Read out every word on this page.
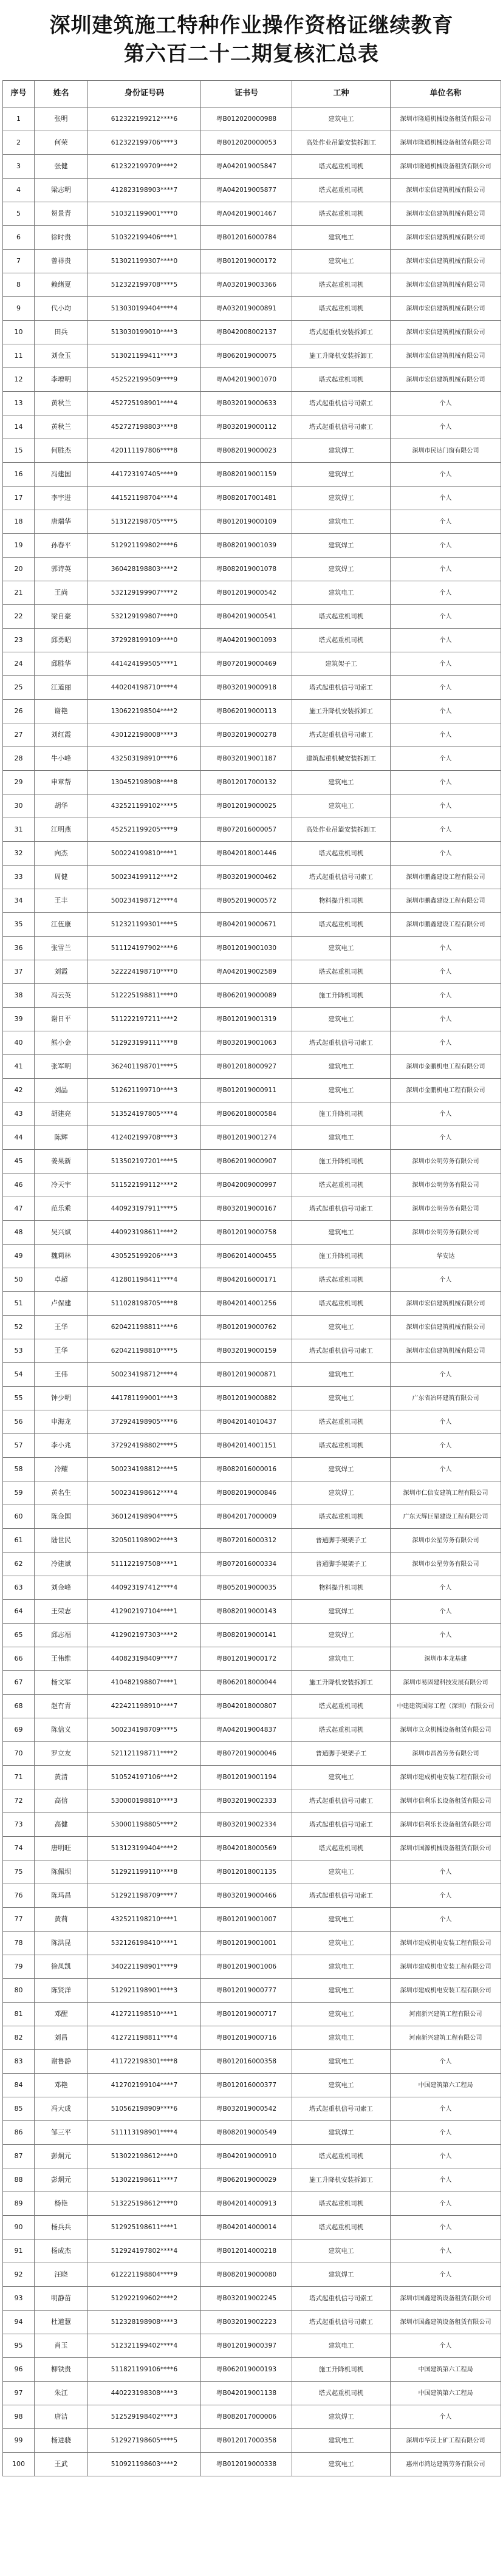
深圳建筑施工特种作业操作资格证继续教育
第六百二十二期复核汇总表
序号	姓名	身份证号码	证书号	工种	单位名称
1	张明	612322199212****6	粤B012020000988	建筑电工	深圳市隆通机械设备租赁有限公司
2	何荣	612322199706****3	粤B012020000053	高处作业吊篮安装拆卸工	深圳市隆通机械设备租赁有限公司
3	张健	612322199709****2	粤A042019005847	塔式起重机司机	深圳市隆通机械设备租赁有限公司
4	梁志明	412823198903****7	粤A042019005877	塔式起重机司机	深圳市宏信建筑机械有限公司
5	贺景青	510321199001****0	粤A042019001467	塔式起重机司机	深圳市宏信建筑机械有限公司
6	徐时贵	510322199406****1	粤B012016000784	建筑电工	深圳市宏信建筑机械有限公司
7	曾祥贵	513021199307****0	粤B012019000172	建筑电工	深圳市宏信建筑机械有限公司
8	赖绪夏	512322199708****5	粤A032019003366	塔式起重机司机	深圳市宏信建筑机械有限公司
9	代小均	513030199404****4	粤A032019000891	塔式起重机司机	深圳市宏信建筑机械有限公司
10	田兵	513030199010****3	粤B042008002137	塔式起重机安装拆卸工	深圳市宏信建筑机械有限公司
11	刘金玉	513021199411****3	粤B062019000075	施工升降机安装拆卸工	深圳市宏信建筑机械有限公司
12	李增明	452522199509****9	粤A042019001070	塔式起重机司机	深圳市宏信建筑机械有限公司
13	黄秋兰	452725198901****4	粤B032019000633	塔式起重机信号司索工	个人
14	黄秋兰	452727198803****8	粤B032019000112	塔式起重机信号司索工	个人
15	何胜杰	420111197806****8	粤B082019000023	建筑焊工	深圳市民达门窗有限公司
16	冯建国	441723197405****9	粤B082019001159	建筑焊工	个人
17	李宇进	441521198704****4	粤B082017001481	建筑焊工	个人
18	唐瑞华	513122198705****5	粤B012019000109	建筑电工	个人
19	孙春平	512921199802****6	粤B082019001039	建筑焊工	个人
20	郭诗英	360428198803****2	粤B082019001078	建筑焊工	个人
21	王尚	532129199907****2	粤B012019000542	建筑电工	个人
22	梁自豪	532129199807****0	粤B042019000541	塔式起重机司机	个人
23	邱勇昭	372928199109****0	粤A042019001093	塔式起重机司机	个人
24	邱胜华	441424199505****1	粤B072019000469	建筑架子工	个人
25	江道丽	440204198710****4	粤B032019000918	塔式起重机信号司索工	个人
26	谢艳	130622198504****2	粤B062019000113	施工升降机安装拆卸工	个人
27	刘红霞	430122198008****3	粤B032019000278	塔式起重机信号司索工	个人
28	牛小峰	432503198910****6	粤B032019001187	建筑起重机械安装拆卸工	个人
29	申章帮	130452198908****8	粤B012017000132	建筑电工	个人
30	胡华	432521199102****5	粤B012019000025	建筑电工	个人
31	江明燕	452521199205****9	粤B072016000057	高处作业吊篮安装拆卸工	个人
32	向杰	500224199810****1	粤B042018001446	塔式起重机司机	个人
33	周健	500234199112****2	粤B032019000462	塔式起重机信号司索工	深圳市鹏鑫建设工程有限公司
34	王丰	500234198712****4	粤B052019000572	物料提升机司机	深圳市鹏鑫建设工程有限公司
35	江伍康	512321199301****5	粤B042019000671	塔式起重机司机	深圳市鹏鑫建设工程有限公司
36	张雪兰	511124197902****6	粤B012019001030	建筑电工	个人
37	刘霞	522224198710****0	粤A042019002589	塔式起重机司机	个人
38	冯云英	512225198811****0	粤B062019000089	施工升降机司机	个人
39	谢日平	511222197211****2	粤B012019001319	建筑电工	个人
40	熊小金	512923199111****8	粤B032019001063	塔式起重机信号司索工	个人
41	张军明	362401198701****5	粤B012018000927	建筑电工	深圳市金鹏机电工程有限公司
42	刘晶	512621199710****3	粤B012019000911	建筑电工	深圳市金鹏机电工程有限公司
43	胡建亮	513524197805****4	粤B062018000584	施工升降机司机	个人
44	陈辉	412402199708****3	粤B012019001274	建筑电工	个人
45	姜果新	513502197201****5	粤B062019000907	施工升降机司机	深圳市公明劳务有限公司
46	冷天宇	511522199112****2	粤B042009000997	塔式起重机司机	深圳市公明劳务有限公司
47	范乐乘	440923197911****5	粤B032019000167	塔式起重机信号司索工	深圳市公明劳务有限公司
48	吴兴斌	440923198611****2	粤B012019000758	建筑电工	深圳市公明劳务有限公司
49	魏莉林	430525199206****3	粤B062014000455	施工升降机司机	华安达
50	卓超	412801198411****4	粤B042016000171	塔式起重机司机	个人
51	卢保建	511028198705****8	粤B042014001256	塔式起重机司机	深圳市宏信建筑机械有限公司
52	王华	620421198811****6	粤B012019000762	建筑电工	深圳市宏信建筑机械有限公司
53	王华	620421198810****5	粤B032019000159	塔式起重机信号司索工	深圳市宏信建筑机械有限公司
54	王伟	500234198712****4	粤B012019000871	建筑电工	个人
55	钟少明	441781199001****3	粤B012019000882	建筑电工	广东省冶环建筑有限公司
56	申海龙	372924198905****6	粤B042014010437	塔式起重机司机	个人
57	李小兆	372924198802****5	粤B042014001151	塔式起重机司机	个人
58	冷耀	500234198812****5	粤B082016000016	建筑焊工	个人
59	黄名生	500234198612****4	粤B082019000846	建筑焊工	深圳市仁信安建筑工程有限公司
60	陈金国	360124198904****5	粤B042017000009	塔式起重机司机	广东天辉巨星建设工程有限公司
61	陆世民	320501198902****3	粤B072016000312	普通脚手架架子工	深圳市公星劳务有限公司
62	冷建斌	511122197508****1	粤B072016000334	普通脚手架架子工	深圳市公星劳务有限公司
63	刘金峰	440923197412****4	粤B052019000035	物料提升机司机	个人
64	王荣志	412902197104****1	粤B082019000143	建筑焊工	个人
65	邱志福	412902197303****2	粤B082019000141	建筑焊工	个人
66	王伟维	440823198409****7	粤B012019000172	建筑电工	深圳市本龙基建
67	杨文军	410482198807****1	粤B062018000044	施工升降机安装拆卸工	深圳市易固建科技发展有限公司
68	赵有青	422421198910****7	粤B042018000807	塔式起重机司机	中建建筑国际工程（深圳）有限公司
69	陈信义	500234198709****5	粤A042019004837	塔式起重机司机	深圳市立众机械设备租赁有限公司
70	罗立友	521121198711****2	粤B072019000046	普通脚手架架子工	深圳市昌盈劳务有限公司
71	黄清	510524197106****2	粤B012019001194	建筑电工	深圳市建成机电安装工程有限公司
72	高信	530000198810****3	粤B032019002333	塔式起重机信号司索工	深圳市信利乐长设备租赁有限公司
73	高健	530001198805****2	粤B032019002334	塔式起重机信号司索工	深圳市信利乐长设备租赁有限公司
74	唐明旺	513123199404****2	粤B042018000569	塔式起重机司机	深圳市国源机械设备租赁有限公司
75	陈佩坝	512921199110****8	粤B012018001135	建筑电工	个人
76	陈玛昌	512921198709****7	粤B032019000466	塔式起重机信号司索工	个人
77	黄莉	432521198210****1	粤B012019001007	建筑电工	个人
78	陈洪昆	532126198410****1	粤B012019001001	建筑电工	深圳市建成机电安装工程有限公司
79	徐凤凯	340221198901****9	粤B012019001006	建筑电工	深圳市建成机电安装工程有限公司
80	陈贤洋	512921198901****3	粤B012019000777	建筑电工	深圳市建成机电安装工程有限公司
81	邓醒	412721198510****1	粤B012019000717	建筑电工	河南新兴建筑工程有限公司
82	刘昌	412721198811****4	粤B012019000716	建筑电工	河南新兴建筑工程有限公司
83	谢鲁静	411722198301****8	粤B012016000358	建筑电工	个人
84	邓艳	412702199104****7	粤B012016000377	建筑电工	中国建筑第六工程局
85	冯大成	510562198909****6	粤B032019000542	塔式起重机信号司索工	个人
86	邹三平	511113198901****4	粤B082019000549	建筑焊工	个人
87	彭炯元	513022198612****0	粤B042019000910	塔式起重机司机	个人
88	彭炯元	513022198611****7	粤B062019000029	施工升降机安装拆卸工	个人
89	杨艳	513225198612****0	粤B042014000913	塔式起重机司机	个人
90	杨兵兵	512925198611****1	粤B042014000014	塔式起重机司机	个人
91	杨成杰	512924197802****4	粤B012014000218	建筑电工	个人
92	汪晓	612221198804****9	粤B082019000080	建筑焊工	个人
93	明静苗	512922199602****2	粤B032019002245	塔式起重机信号司索工	深圳市国鑫建筑设备租赁有限公司
94	杜道慧	512328198908****3	粤B032019002223	塔式起重机信号司索工	深圳市国鑫建筑设备租赁有限公司
95	肖玉	512321199402****4	粤B012019000397	建筑电工	个人
96	柳铁贵	511821199106****6	粤B062019000193	施工升降机司机	中国建筑第六工程局
97	朱江	440223198308****3	粤B042019001138	塔式起重机司机	中国建筑第六工程局
98	唐洁	512529198402****3	粤B082017000006	建筑焊工	个人
99	杨进骁	512927198605****5	粤B012017000358	建筑电工	深圳市华沃上矿工程有限公司
100	王武	510921198603****2	粤B012019000338	建筑电工	惠州市鸿达建筑劳务有限公司
